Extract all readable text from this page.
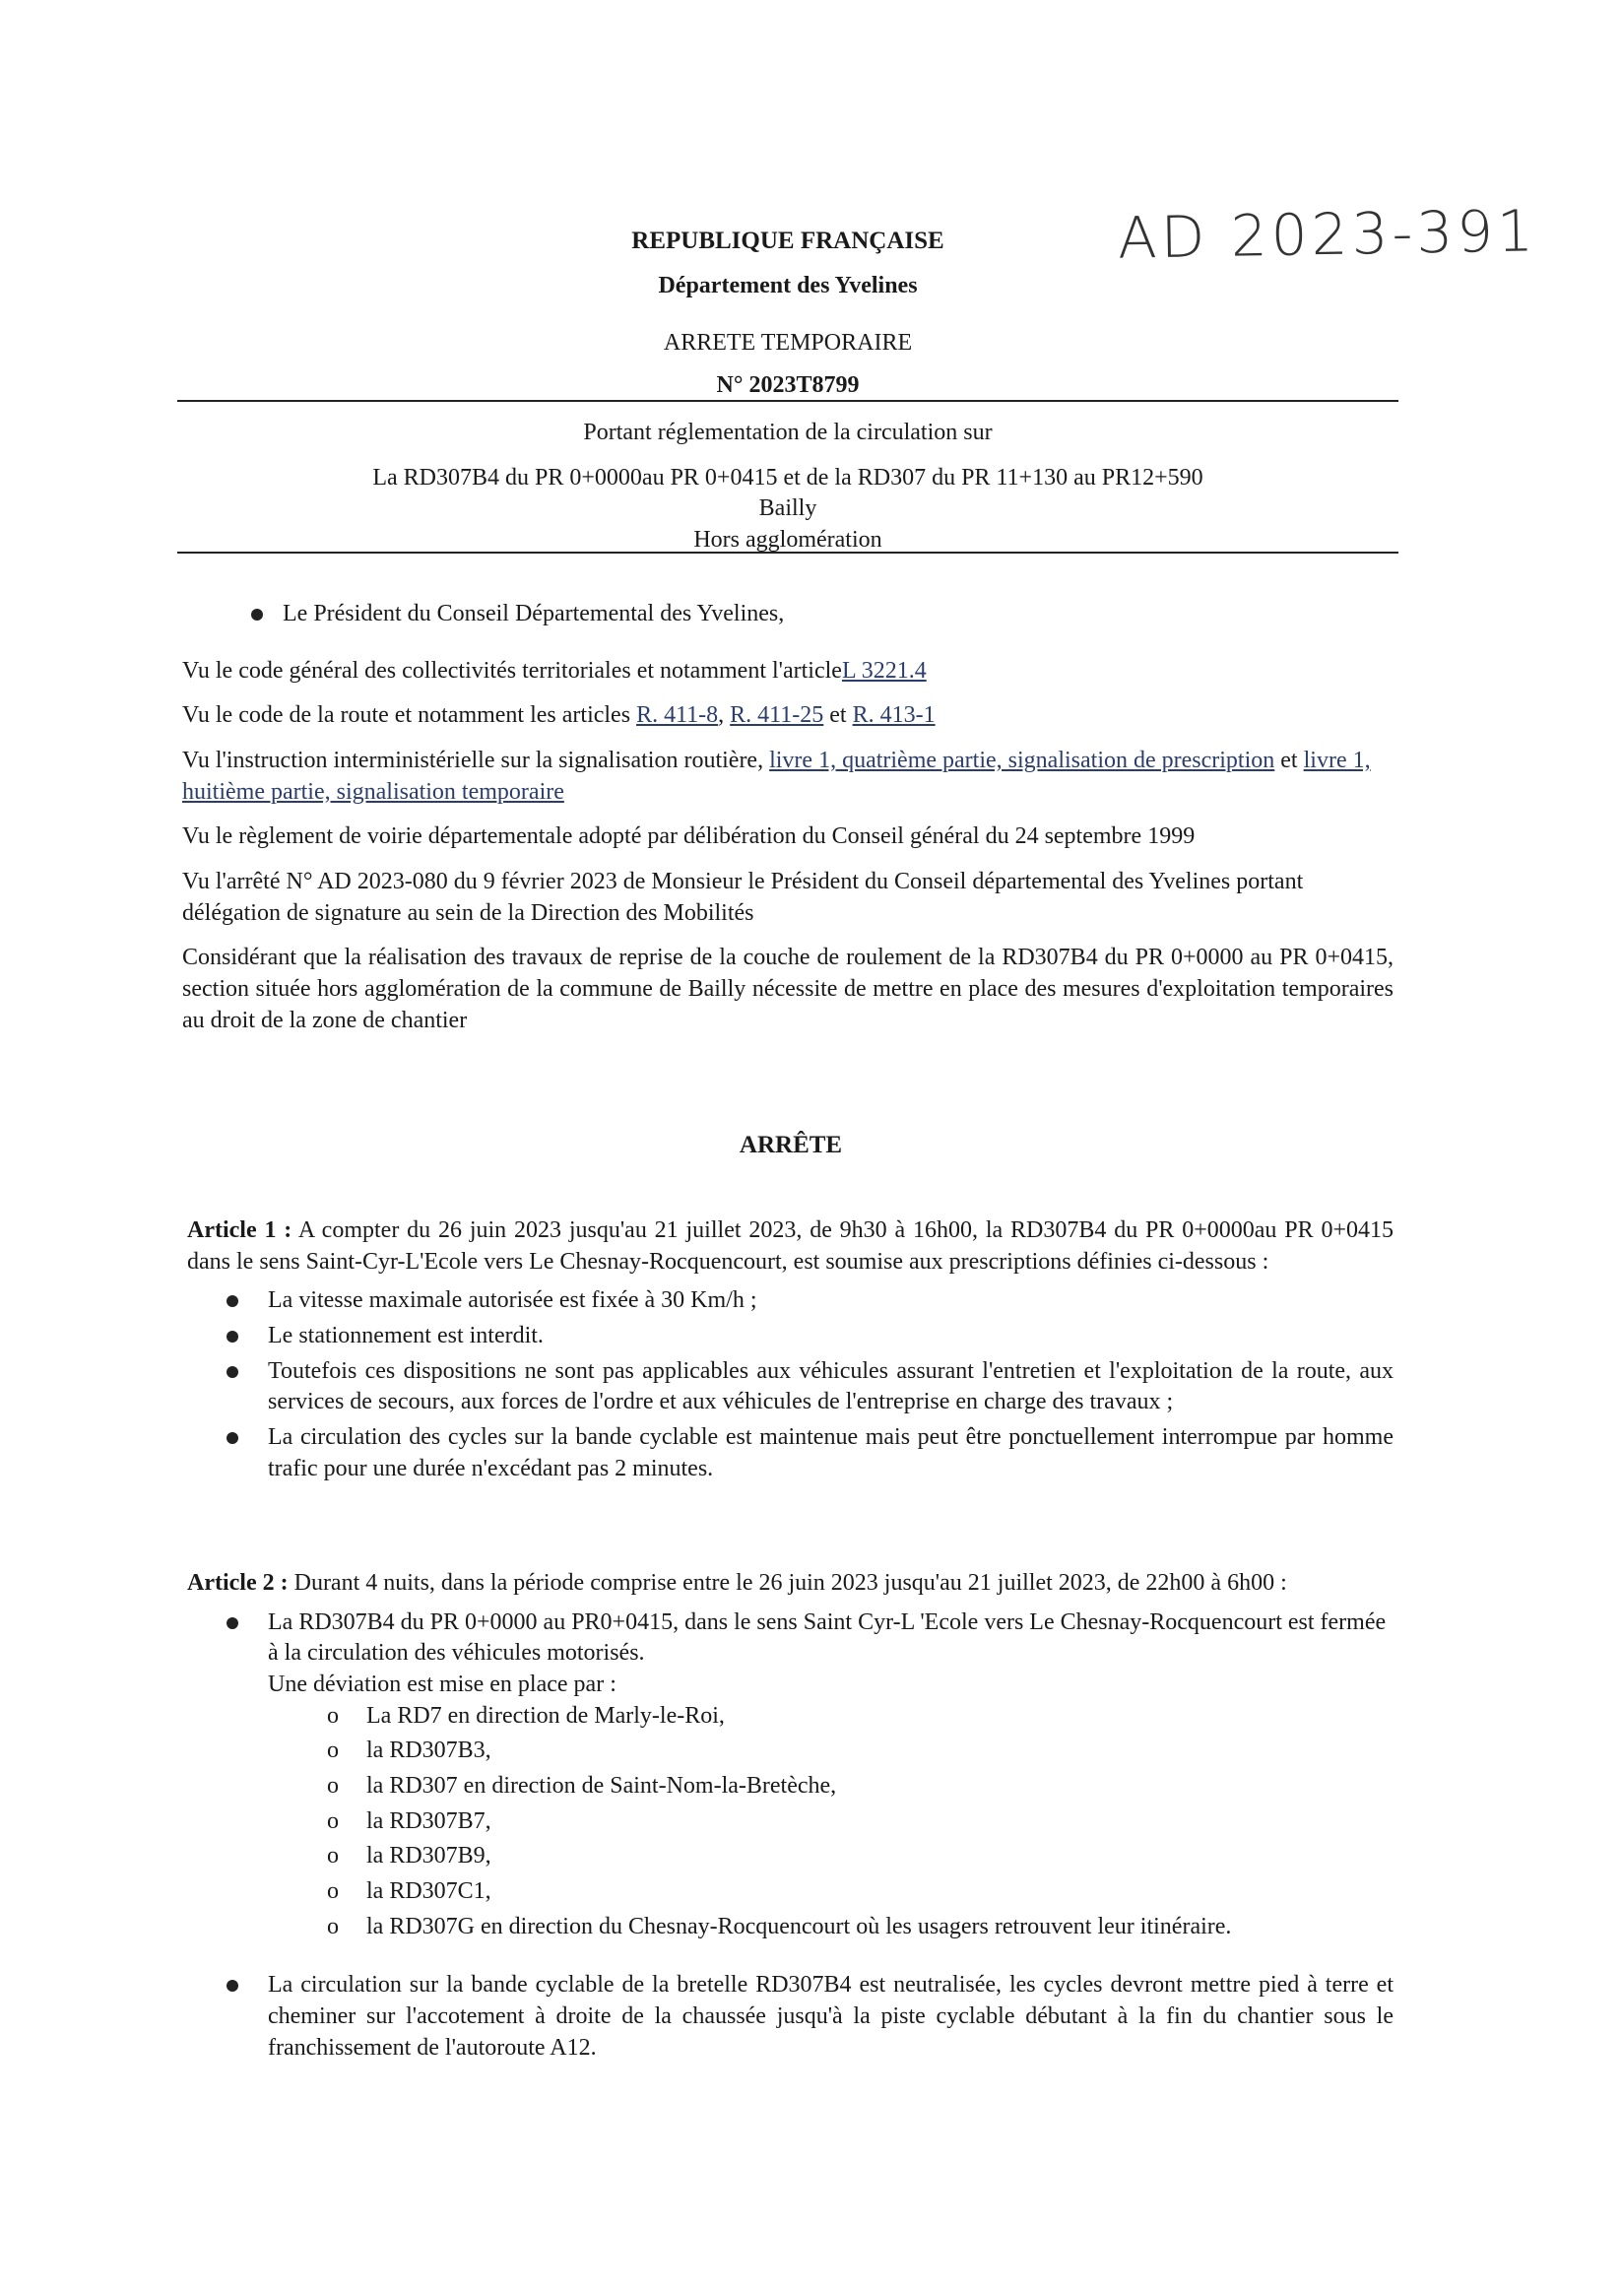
AD 2023-391
REPUBLIQUE FRANÇAISE
Département des Yvelines
ARRETE TEMPORAIRE
N° 2023T8799
Portant réglementation de la circulation sur
La RD307B4 du PR 0+0000au PR 0+0415 et de la RD307 du PR 11+130 au PR12+590
Bailly
Hors agglomération
Le Président du Conseil Départemental des Yvelines,

Vu le code général des collectivités territoriales et notamment l'articleL 3221.4

Vu le code de la route et notamment les articles R. 411-8, R. 411-25 et R. 413-1

Vu l'instruction interministérielle sur la signalisation routière, livre 1, quatrième partie, signalisation de prescription et livre 1, huitième partie, signalisation temporaire

Vu le règlement de voirie départementale adopté par délibération du Conseil général du 24 septembre 1999

Vu l'arrêté N° AD 2023-080 du 9 février 2023 de Monsieur le Président du Conseil départemental des Yvelines portant délégation de signature au sein de la Direction des Mobilités

Considérant que la réalisation des travaux de reprise de la couche de roulement de la RD307B4 du PR 0+0000 au PR 0+0415, section située hors agglomération de la commune de Bailly nécessite de mettre en place des mesures d'exploitation temporaires au droit de la zone de chantier

ARRÊTE

Article 1 : A compter du 26 juin 2023 jusqu'au 21 juillet 2023, de 9h30 à 16h00, la RD307B4 du PR 0+0000au PR 0+0415 dans le sens Saint-Cyr-L'Ecole vers Le Chesnay-Rocquencourt, est soumise aux prescriptions définies ci-dessous :

La vitesse maximale autorisée est fixée à 30 Km/h ;
Le stationnement est interdit.
Toutefois ces dispositions ne sont pas applicables aux véhicules assurant l'entretien et l'exploitation de la route, aux services de secours, aux forces de l'ordre et aux véhicules de l'entreprise en charge des travaux ;
La circulation des cycles sur la bande cyclable est maintenue mais peut être ponctuellement interrompue par homme trafic pour une durée n'excédant pas 2 minutes.

Article 2 : Durant 4 nuits, dans la période comprise entre le 26 juin 2023 jusqu'au 21 juillet 2023, de 22h00 à 6h00 :

La RD307B4 du PR 0+0000 au PR0+0415, dans le sens Saint Cyr-L 'Ecole vers Le Chesnay-Rocquencourt est fermée à la circulation des véhicules motorisés.
Une déviation est mise en place par :
o	La RD7 en direction de Marly-le-Roi,
o	la RD307B3,
o	la RD307 en direction de Saint-Nom-la-Bretèche,
o	la RD307B7,
o	la RD307B9,
o	la RD307C1,
o	la RD307G en direction du Chesnay-Rocquencourt où les usagers retrouvent leur itinéraire.
La circulation sur la bande cyclable de la bretelle RD307B4 est neutralisée, les cycles devront mettre pied à terre et cheminer sur l'accotement à droite de la chaussée jusqu'à la piste cyclable débutant à la fin du chantier sous le franchissement de l'autoroute A12.
